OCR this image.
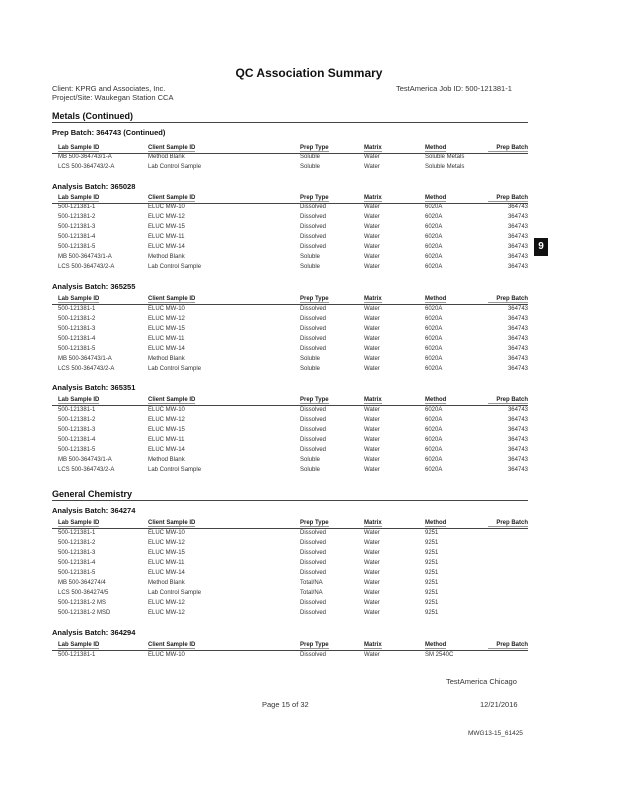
QC Association Summary
Client: KPRG and Associates, Inc.
Project/Site: Waukegan Station CCA
TestAmerica Job ID: 500-121381-1
Metals (Continued)
9
Prep Batch: 364743 (Continued)
Analysis Batch: 365028
Analysis Batch: 365255
Analysis Batch: 365351
General Chemistry
Analysis Batch: 364274
Analysis Batch: 364294
Lab Sample ID	Client Sample ID	Prep Type	Matrix	Method	Prep Batch
MB 500-364743/1-A	Method Blank	Soluble	Water	Soluble Metals
LCS 500-364743/2-A	Lab Control Sample	Soluble	Water	Soluble Metals
Lab Sample ID	Client Sample ID	Prep Type	Matrix	Method	Prep Batch
500-121381-1	ELUC MW-10	Dissolved	Water	6020A	364743
500-121381-2	ELUC MW-12	Dissolved	Water	6020A	364743
500-121381-3	ELUC MW-15	Dissolved	Water	6020A	364743
500-121381-4	ELUC MW-11	Dissolved	Water	6020A	364743
500-121381-5	ELUC MW-14	Dissolved	Water	6020A	364743
MB 500-364743/1-A	Method Blank	Soluble	Water	6020A	364743
LCS 500-364743/2-A	Lab Control Sample	Soluble	Water	6020A	364743
Lab Sample ID	Client Sample ID	Prep Type	Matrix	Method	Prep Batch
500-121381-1	ELUC MW-10	Dissolved	Water	6020A	364743
500-121381-2	ELUC MW-12	Dissolved	Water	6020A	364743
500-121381-3	ELUC MW-15	Dissolved	Water	6020A	364743
500-121381-4	ELUC MW-11	Dissolved	Water	6020A	364743
500-121381-5	ELUC MW-14	Dissolved	Water	6020A	364743
MB 500-364743/1-A	Method Blank	Soluble	Water	6020A	364743
LCS 500-364743/2-A	Lab Control Sample	Soluble	Water	6020A	364743
Lab Sample ID	Client Sample ID	Prep Type	Matrix	Method	Prep Batch
500-121381-1	ELUC MW-10	Dissolved	Water	6020A	364743
500-121381-2	ELUC MW-12	Dissolved	Water	6020A	364743
500-121381-3	ELUC MW-15	Dissolved	Water	6020A	364743
500-121381-4	ELUC MW-11	Dissolved	Water	6020A	364743
500-121381-5	ELUC MW-14	Dissolved	Water	6020A	364743
MB 500-364743/1-A	Method Blank	Soluble	Water	6020A	364743
LCS 500-364743/2-A	Lab Control Sample	Soluble	Water	6020A	364743
Lab Sample ID	Client Sample ID	Prep Type	Matrix	Method	Prep Batch
500-121381-1	ELUC MW-10	Dissolved	Water	9251
500-121381-2	ELUC MW-12	Dissolved	Water	9251
500-121381-3	ELUC MW-15	Dissolved	Water	9251
500-121381-4	ELUC MW-11	Dissolved	Water	9251
500-121381-5	ELUC MW-14	Dissolved	Water	9251
MB 500-364274/4	Method Blank	Total/NA	Water	9251
LCS 500-364274/5	Lab Control Sample	Total/NA	Water	9251
500-121381-2 MS	ELUC MW-12	Dissolved	Water	9251
500-121381-2 MSD	ELUC MW-12	Dissolved	Water	9251
Lab Sample ID	Client Sample ID	Prep Type	Matrix	Method	Prep Batch
500-121381-1	ELUC MW-10	Dissolved	Water	SM 2540C
TestAmerica Chicago
Page 15 of 32	12/21/2016
MWG13-15_61425
